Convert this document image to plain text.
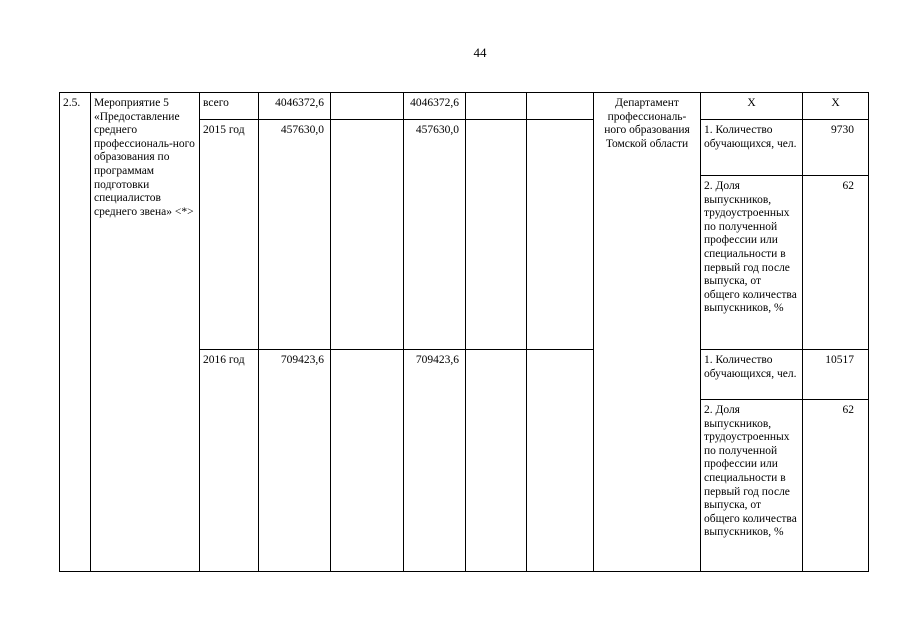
44
2.5.	Мероприятие 5 «Предоставление среднего профессиональ-ного образования по программам подготовки специалистов среднего звена» <*>	всего	4046372,6		4046372,6			Департамент профессиональ-ного образования Томской области	Х	Х
		2015 год	457630,0		457630,0				1. Количество обучающихся, чел.	9730
									2. Доля выпускников, трудоустроенных по полученной профессии или специальности в первый год после выпуска, от общего количества выпускников, %	62
		2016 год	709423,6		709423,6				1. Количество обучающихся, чел.	10517
									2. Доля выпускников, трудоустроенных по полученной профессии или специальности в первый год после выпуска, от общего количества выпускников, %	62
